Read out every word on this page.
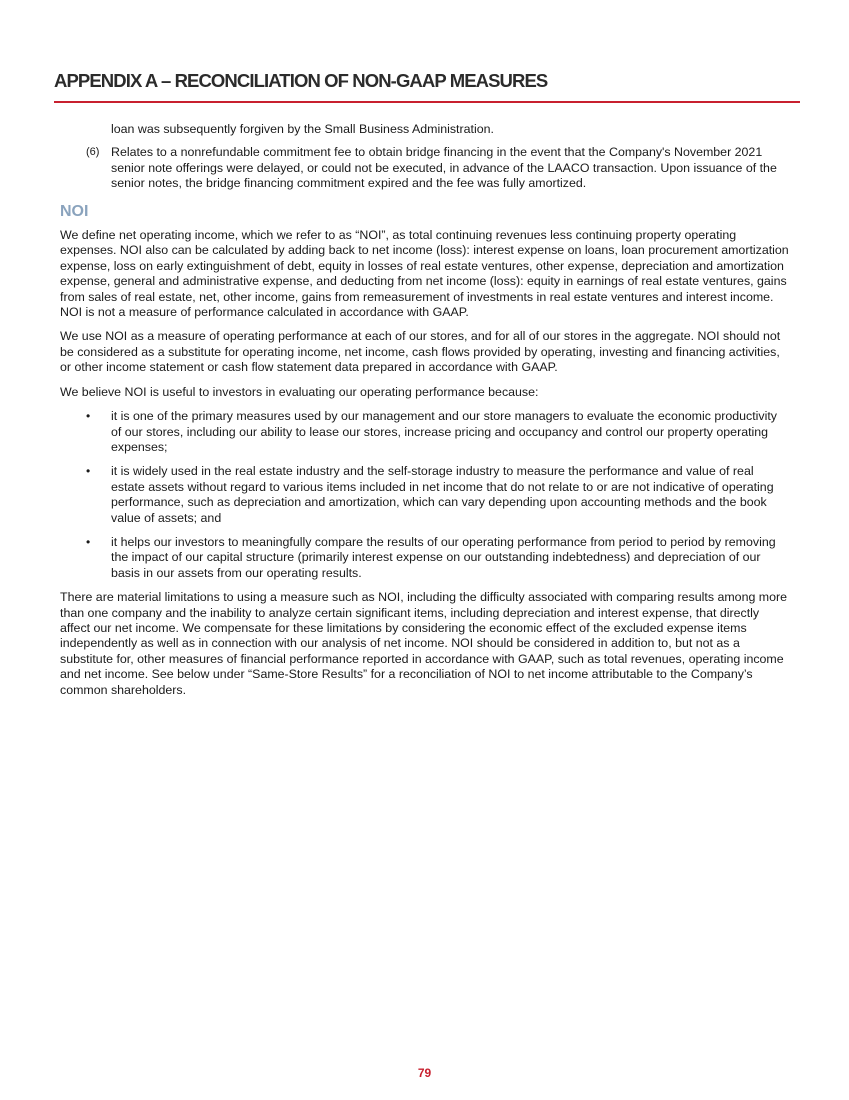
APPENDIX A – RECONCILIATION OF NON-GAAP MEASURES

loan was subsequently forgiven by the Small Business Administration.

(6) Relates to a nonrefundable commitment fee to obtain bridge financing in the event that the Company's November 2021 senior note offerings were delayed, or could not be executed, in advance of the LAACO transaction. Upon issuance of the senior notes, the bridge financing commitment expired and the fee was fully amortized.
NOI

We define net operating income, which we refer to as “NOI”, as total continuing revenues less continuing property operating expenses. NOI also can be calculated by adding back to net income (loss): interest expense on loans, loan procurement amortization expense, loss on early extinguishment of debt, equity in losses of real estate ventures, other expense, depreciation and amortization expense, general and administrative expense, and deducting from net income (loss): equity in earnings of real estate ventures, gains from sales of real estate, net, other income, gains from remeasurement of investments in real estate ventures and interest income. NOI is not a measure of performance calculated in accordance with GAAP.

We use NOI as a measure of operating performance at each of our stores, and for all of our stores in the aggregate. NOI should not be considered as a substitute for operating income, net income, cash flows provided by operating, investing and financing activities, or other income statement or cash flow statement data prepared in accordance with GAAP.

We believe NOI is useful to investors in evaluating our operating performance because:

•	it is one of the primary measures used by our management and our store managers to evaluate the economic productivity of our stores, including our ability to lease our stores, increase pricing and occupancy and control our property operating expenses;
•	it is widely used in the real estate industry and the self-storage industry to measure the performance and value of real estate assets without regard to various items included in net income that do not relate to or are not indicative of operating performance, such as depreciation and amortization, which can vary depending upon accounting methods and the book value of assets; and
•	it helps our investors to meaningfully compare the results of our operating performance from period to period by removing the impact of our capital structure (primarily interest expense on our outstanding indebtedness) and depreciation of our basis in our assets from our operating results.

There are material limitations to using a measure such as NOI, including the difficulty associated with comparing results among more than one company and the inability to analyze certain significant items, including depreciation and interest expense, that directly affect our net income. We compensate for these limitations by considering the economic effect of the excluded expense items independently as well as in connection with our analysis of net income. NOI should be considered in addition to, but not as a substitute for, other measures of financial performance reported in accordance with GAAP, such as total revenues, operating income and net income. See below under “Same-Store Results” for a reconciliation of NOI to net income attributable to the Company’s common shareholders.

79
